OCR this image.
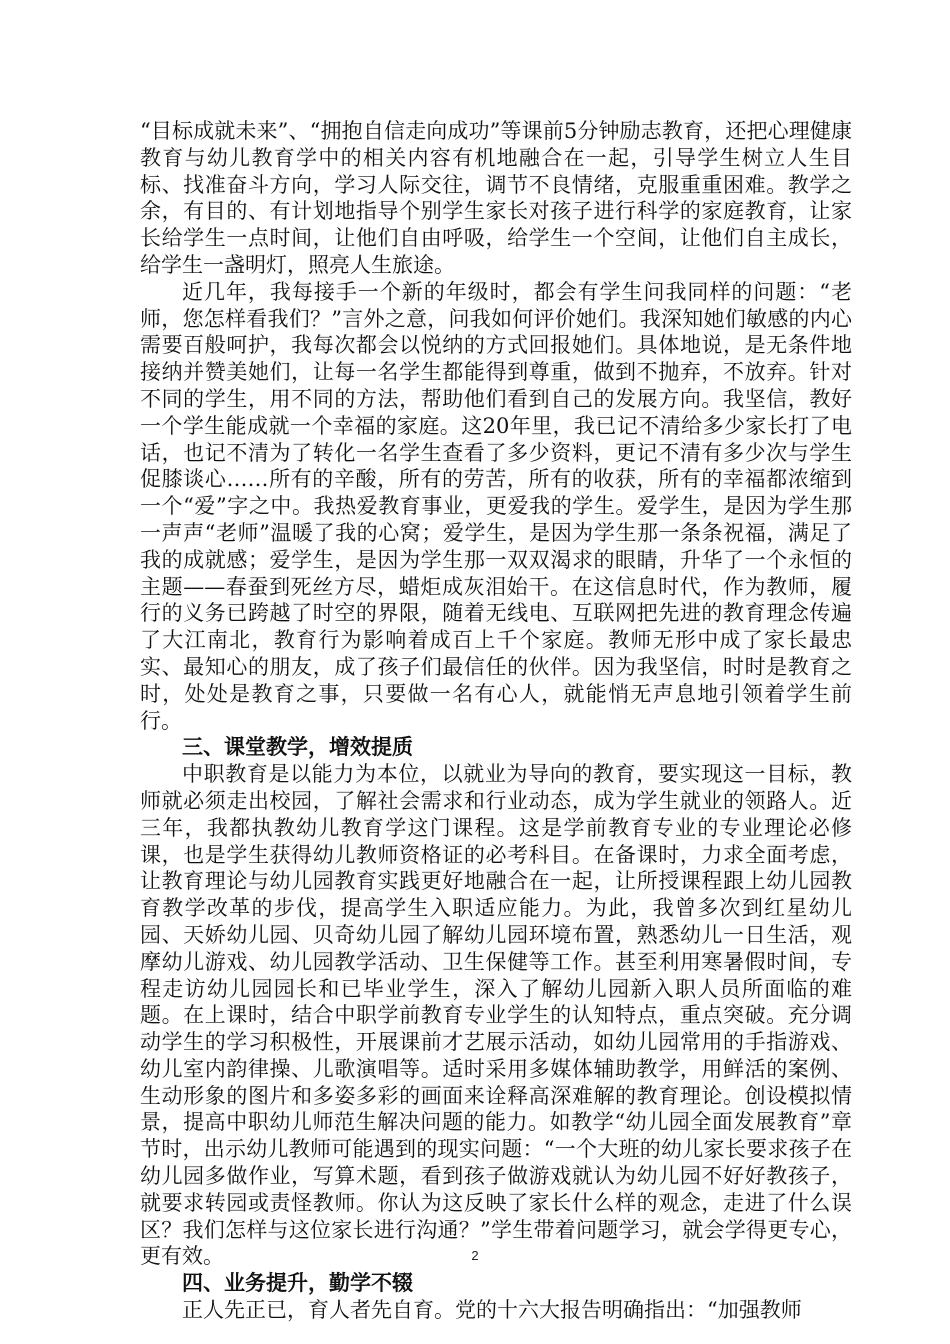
“目标成就未来”、“拥抱自信走向成功”等课前5分钟励志教育，还把心理健康教育与幼儿教育学中的相关内容有机地融合在一起，引导学生树立人生目标、找准奋斗方向，学习人际交往，调节不良情绪，克服重重困难。教学之余，有目的、有计划地指导个别学生家长对孩子进行科学的家庭教育，让家长给学生一点时间，让他们自由呼吸，给学生一个空间，让他们自主成长，给学生一盏明灯，照亮人生旅途。

近几年，我每接手一个新的年级时，都会有学生问我同样的问题：“老师，您怎样看我们？”言外之意，问我如何评价她们。我深知她们敏感的内心需要百般呵护，我每次都会以悦纳的方式回报她们。具体地说，是无条件地接纳并赞美她们，让每一名学生都能得到尊重，做到不抛弃，不放弃。针对不同的学生，用不同的方法，帮助他们看到自己的发展方向。我坚信，教好一个学生能成就一个幸福的家庭。这20年里，我已记不清给多少家长打了电话，也记不清为了转化一名学生查看了多少资料，更记不清有多少次与学生促膝谈心……所有的辛酸，所有的劳苦，所有的收获，所有的幸福都浓缩到一个“爱”字之中。我热爱教育事业，更爱我的学生。爱学生，是因为学生那一声声“老师”温暖了我的心窝；爱学生，是因为学生那一条条祝福，满足了我的成就感；爱学生，是因为学生那一双双渴求的眼睛，升华了一个永恒的主题——春蚕到死丝方尽，蜡炬成灰泪始干。在这信息时代，作为教师，履行的义务已跨越了时空的界限，随着无线电、互联网把先进的教育理念传遍了大江南北，教育行为影响着成百上千个家庭。教师无形中成了家长最忠实、最知心的朋友，成了孩子们最信任的伙伴。因为我坚信，时时是教育之时，处处是教育之事，只要做一名有心人，就能悄无声息地引领着学生前行。

三、课堂教学，增效提质

中职教育是以能力为本位，以就业为导向的教育，要实现这一目标，教师就必须走出校园，了解社会需求和行业动态，成为学生就业的领路人。近三年，我都执教幼儿教育学这门课程。这是学前教育专业的专业理论必修课，也是学生获得幼儿教师资格证的必考科目。在备课时，力求全面考虑，让教育理论与幼儿园教育实践更好地融合在一起，让所授课程跟上幼儿园教育教学改革的步伐，提高学生入职适应能力。为此，我曾多次到红星幼儿园、天娇幼儿园、贝奇幼儿园了解幼儿园环境布置，熟悉幼儿一日生活，观摩幼儿游戏、幼儿园教学活动、卫生保健等工作。甚至利用寒暑假时间，专程走访幼儿园园长和已毕业学生，深入了解幼儿园新入职人员所面临的难题。在上课时，结合中职学前教育专业学生的认知特点，重点突破。充分调动学生的学习积极性，开展课前才艺展示活动，如幼儿园常用的手指游戏、幼儿室内韵律操、儿歌演唱等。适时采用多媒体辅助教学，用鲜活的案例、生动形象的图片和多姿多彩的画面来诠释高深难解的教育理论。创设模拟情景，提高中职幼儿师范生解决问题的能力。如教学“幼儿园全面发展教育”章节时，出示幼儿教师可能遇到的现实问题：“一个大班的幼儿家长要求孩子在幼儿园多做作业，写算术题，看到孩子做游戏就认为幼儿园不好好教孩子，就要求转园或责怪教师。你认为这反映了家长什么样的观念，走进了什么误区？我们怎样与这位家长进行沟通？”学生带着问题学习，就会学得更专心，更有效。

四、业务提升，勤学不辍

正人先正已，育人者先自育。党的十六大报告明确指出：“加强教师

2
